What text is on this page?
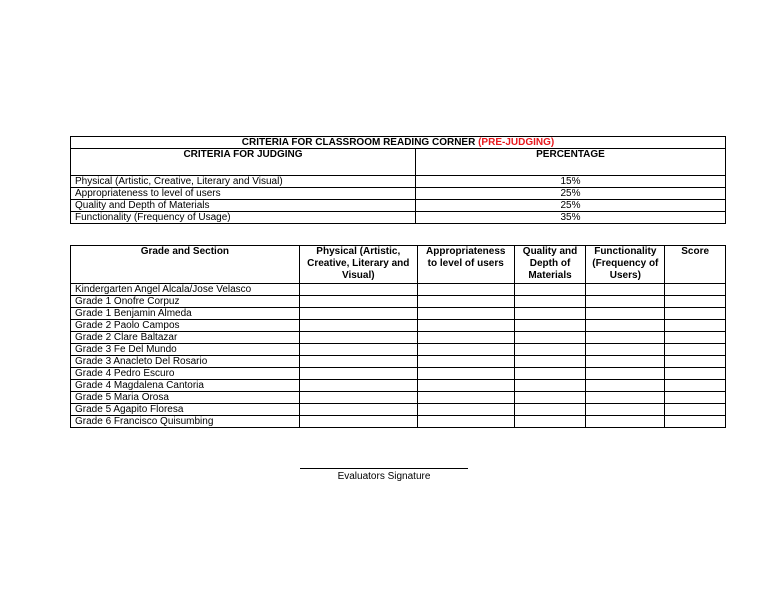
CRITERIA FOR CLASSROOM READING CORNER (PRE-JUDGING)	
CRITERIA FOR JUDGING	PERCENTAGE
Physical (Artistic, Creative, Literary and Visual)	15%
Appropriateness to level of users	25%
Quality and Depth of Materials	25%
Functionality (Frequency of Usage)	35%
Grade and Section	Physical (Artistic, Creative, Literary and Visual)	Appropriateness to level of users	Quality and Depth of Materials	Functionality (Frequency of Users)	Score
Kindergarten Angel Alcala/Jose Velasco					
Grade 1 Onofre Corpuz					
Grade 1 Benjamin Almeda					
Grade 2 Paolo Campos					
Grade 2 Clare Baltazar					
Grade 3 Fe Del Mundo					
Grade 3 Anacleto Del Rosario					
Grade 4 Pedro Escuro					
Grade 4 Magdalena Cantoria					
Grade 5 Maria Orosa					
Grade 5 Agapito Floresa					
Grade 6 Francisco Quisumbing					
Evaluators Signature
